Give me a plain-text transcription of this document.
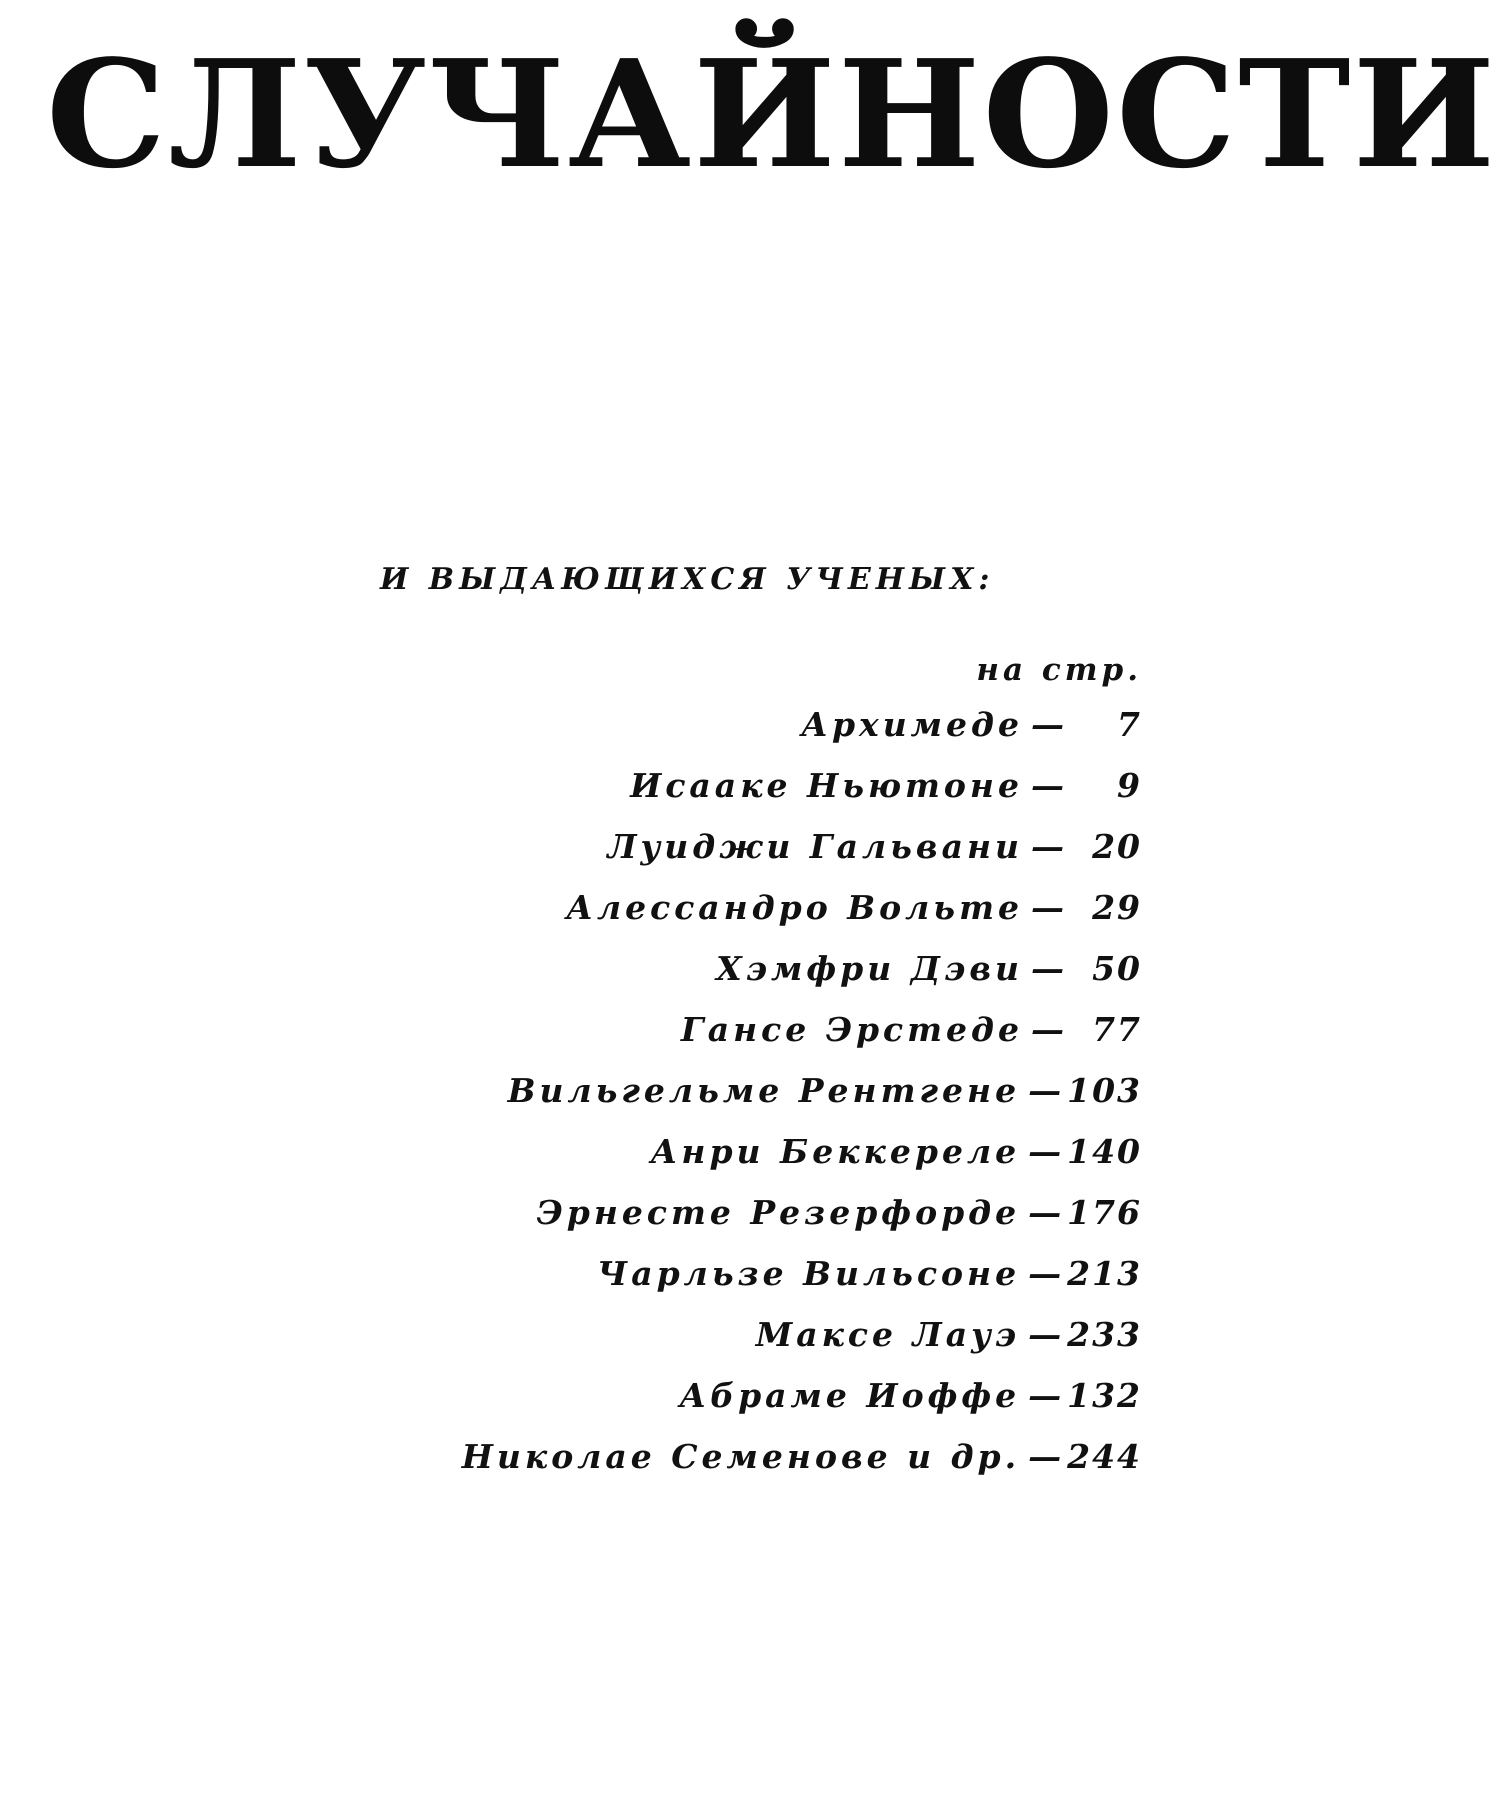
СЛУЧАЙНОСТИ
И ВЫДАЮЩИХСЯ УЧЕНЫХ:
на стр.
Архимеде —	7
Исааке Ньютоне —	9
Луиджи Гальвани — 20
Алессандро Вольте — 29
Хэмфри Дэви — 50
Гансе Эрстеде — 77
Вильгельме Рентгене — 103
Анри Беккереле — 140
Эрнесте Резерфорде — 176
Чарльзе Вильсоне — 213
Максе Лауэ — 233
Абраме Иоффе — 132
Николае Семенове и др. — 244
